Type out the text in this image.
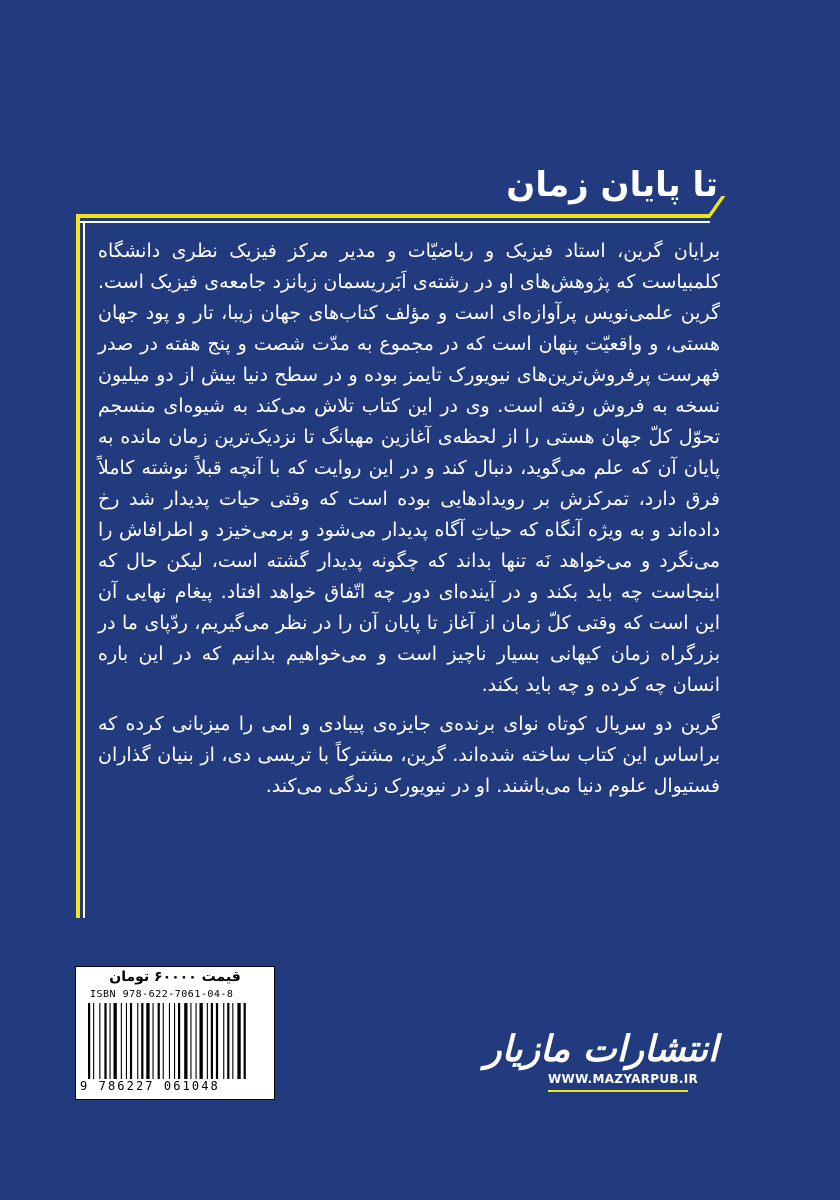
تا پایان زمان

برایان گرین، استاد فیزیک و ریاضیّات و مدیر مرکز فیزیک نظری دانشگاه کلمبیاست که پژوهش‌های او در رشته‌ی اَبَرریسمان زبانزد جامعه‌ی فیزیک است. گرین علمی‌نویس پرآوازه‌ای است و مؤلف کتاب‌های جهان زیبا، تار و پود جهان هستی، و واقعیّت پنهان است که در مجموع به مدّت شصت و پنج هفته در صدر فهرست پرفروش‌ترین‌های نیویورک تایمز بوده و در سطح دنیا بیش از دو میلیون نسخه به فروش رفته است. وی در این کتاب تلاش می‌کند به شیوه‌ای منسجم تحوّل کلّ جهان هستی را از لحظه‌ی آغازین مهبانگ تا نزدیک‌ترین زمان مانده به پایان آن که علم می‌گوید، دنبال کند و در این روایت که با آنچه قبلاً نوشته کاملاً فرق دارد، تمرکزش بر رویدادهایی بوده است که وقتی حیات پدیدار شد رخ داده‌اند و به ویژه آنگاه که حیاتِ آگاه پدیدار می‌شود و برمی‌خیزد و اطرافاش را می‌نگرد و می‌خواهد نَه تنها بداند که چگونه پدیدار گشته است، لیکن حال که اینجاست چه باید بکند و در آینده‌ای دور چه اتّفاق خواهد افتاد. پیغام نهایی آن این است که وقتی کلّ زمان از آغاز تا پایان آن را در نظر می‌گیریم، ردّپای ما در بزرگراه زمان کیهانی بسیار ناچیز است و می‌خواهیم بدانیم که در این باره انسان چه کرده و چه باید بکند.

گرین دو سریال کوتاه نوای برنده‌ی جایزه‌ی پیبادی و امی را میزبانی کرده که براساس این کتاب ساخته شده‌اند. گرین، مشترکاً با تریسی دی، از بنیان گذاران فستیوال علوم دنیا می‌باشند. او در نیویورک زندگی می‌کند.

قیمت ۶۰۰۰۰ تومان
ISBN 978-622-7061-04-8
9 786227 061048
انتشارات مازیار
WWW.MAZYARPUB.IR
